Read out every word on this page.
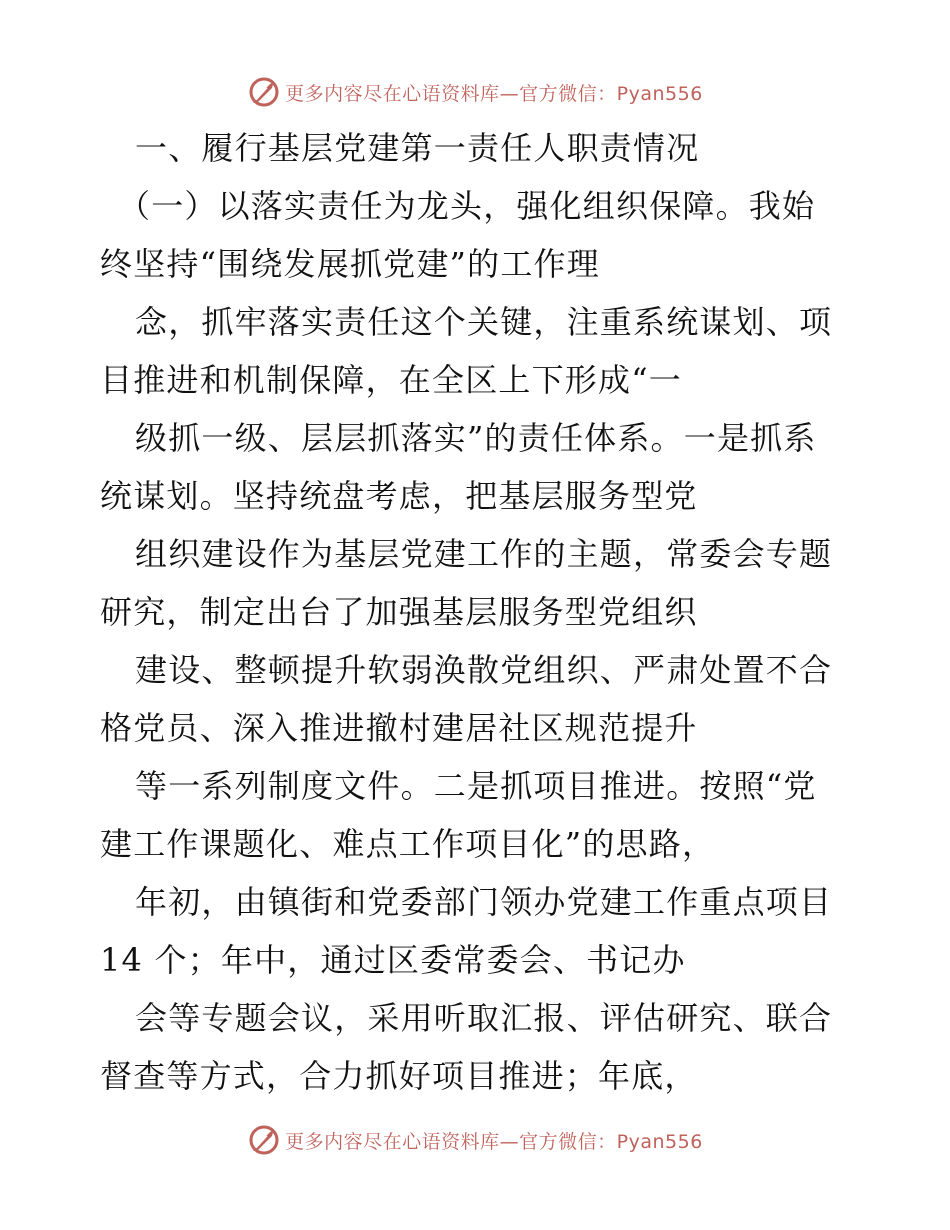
更多内容尽在心语资料库—官方微信：Pyan556
一、履行基层党建第一责任人职责情况
（一）以落实责任为龙头，强化组织保障。我始
终坚持“围绕发展抓党建”的工作理
念，抓牢落实责任这个关键，注重系统谋划、项
目推进和机制保障，在全区上下形成“一
级抓一级、层层抓落实”的责任体系。一是抓系
统谋划。坚持统盘考虑，把基层服务型党
组织建设作为基层党建工作的主题，常委会专题
研究，制定出台了加强基层服务型党组织
建设、整顿提升软弱涣散党组织、严肃处置不合
格党员、深入推进撤村建居社区规范提升
等一系列制度文件。二是抓项目推进。按照“党
建工作课题化、难点工作项目化”的思路，
年初，由镇街和党委部门领办党建工作重点项目
14 个；年中，通过区委常委会、书记办
会等专题会议，采用听取汇报、评估研究、联合
督查等方式，合力抓好项目推进；年底，
更多内容尽在心语资料库—官方微信：Pyan556
